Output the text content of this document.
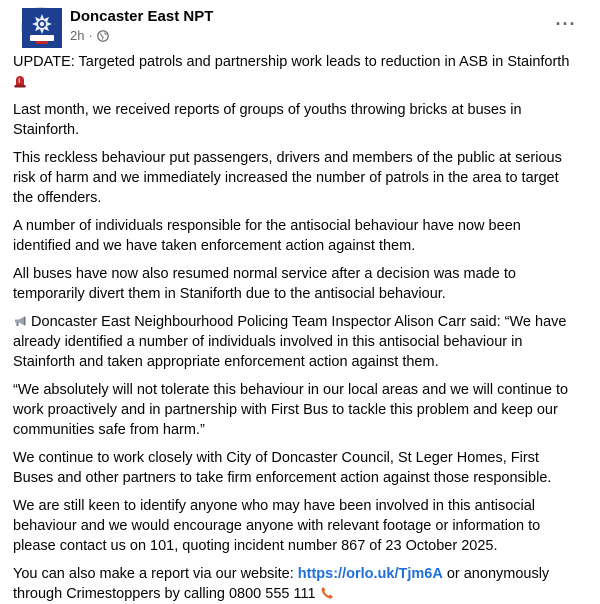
Doncaster East NPT
2h ·
···

UPDATE: Targeted patrols and partnership work leads to reduction in ASB in Stainforth

Last month, we received reports of groups of youths throwing bricks at buses in Stainforth.

This reckless behaviour put passengers, drivers and members of the public at serious risk of harm and we immediately increased the number of patrols in the area to target the offenders.

A number of individuals responsible for the antisocial behaviour have now been identified and we have taken enforcement action against them.

All buses have now also resumed normal service after a decision was made to temporarily divert them in Staniforth due to the antisocial behaviour.

Doncaster East Neighbourhood Policing Team Inspector Alison Carr said: “We have already identified a number of individuals involved in this antisocial behaviour in Stainforth and taken appropriate enforcement action against them.

“We absolutely will not tolerate this behaviour in our local areas and we will continue to work proactively and in partnership with First Bus to tackle this problem and keep our communities safe from harm.”

We continue to work closely with City of Doncaster Council, St Leger Homes, First Buses and other partners to take firm enforcement action against those responsible.

We are still keen to identify anyone who may have been involved in this antisocial behaviour and we would encourage anyone with relevant footage or information to please contact us on 101, quoting incident number 867 of 23 October 2025.

You can also make a report via our website: https://orlo.uk/Tjm6A or anonymously through Crimestoppers by calling 0800 555 111
